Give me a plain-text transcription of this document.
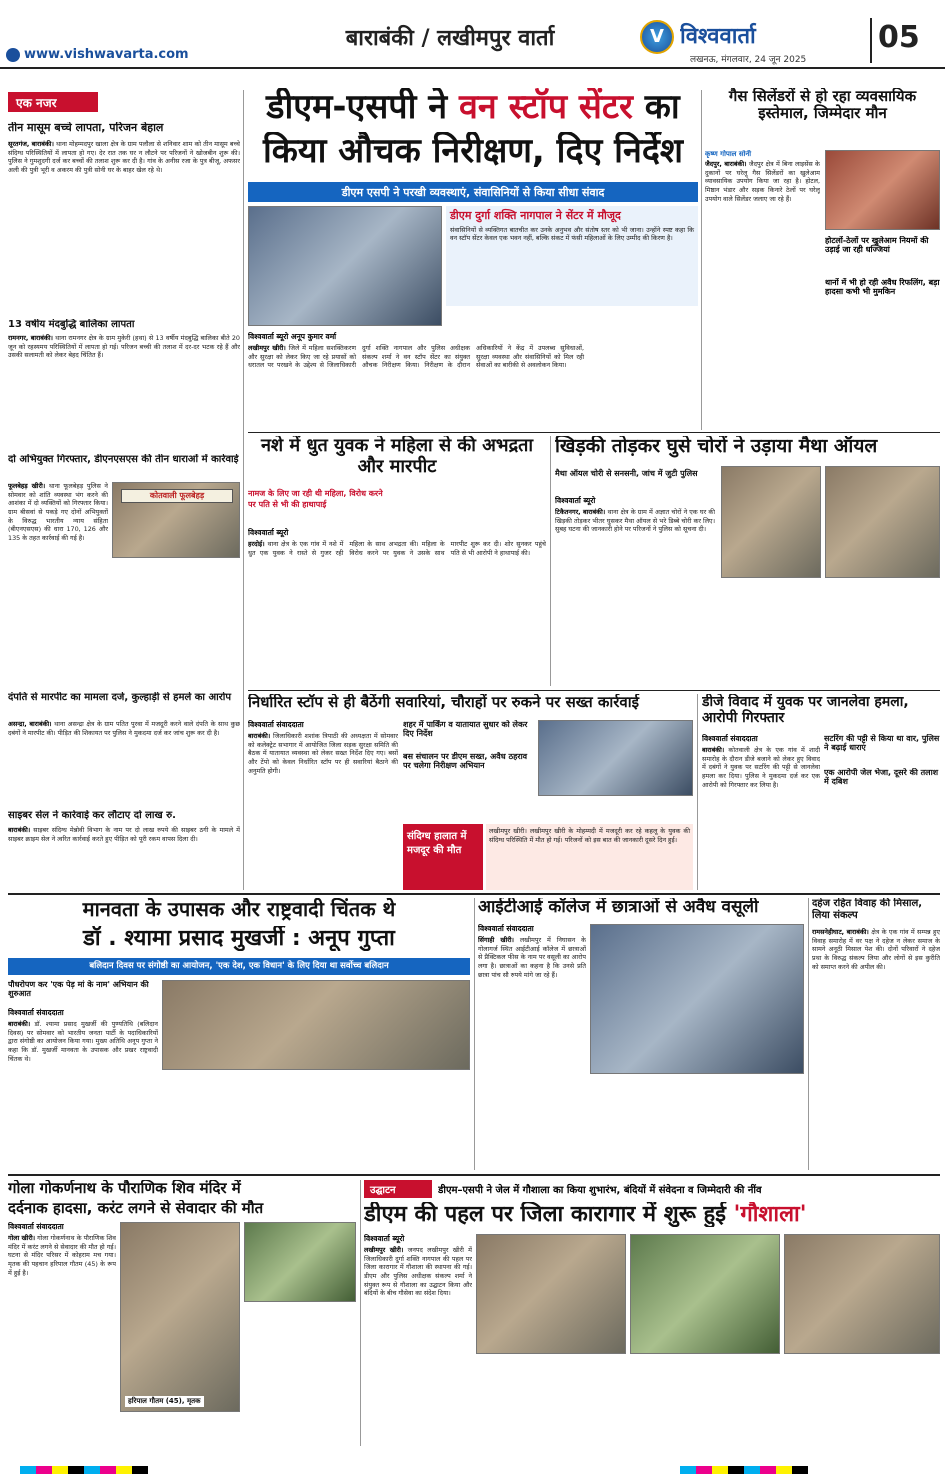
www.vishwavarta.com
बाराबंकी / लखीमपुर वार्ता	V विश्ववार्ता
लखनऊ, मंगलवार, 24 जून 2025
05
एक नजर
तीन मासूम बच्चे लापता, परिजन बेहाल
सूरतगंज, बाराबंकी। थाना मोहम्मदपुर खाला क्षेत्र के ग्राम पलौला से शनिवार शाम को तीन मासूम बच्चे संदिग्ध परिस्थितियों में लापता हो गए। देर रात तक घर न लौटने पर परिजनों ने खोजबीन शुरू की। पुलिस ने गुमशुदगी दर्ज कर बच्चों की तलाश शुरू कर दी है। गांव के अनीस रजा के पुत्र बीजू, अफसर अली की पुत्री भूरी व अकरम की पुत्री सोनी घर के बाहर खेल रहे थे।
13 वर्षीय मंदबुद्धि बालिका लापता
रामनगर, बाराबंकी। थाना रामनगर क्षेत्र के ग्राम मुकेरी (हथा) से 13 वर्षीय मंदबुद्धि बालिका बीते 20 जून को रहस्यमय परिस्थितियों में लापता हो गई। परिजन बच्ची की तलाश में दर-दर भटक रहे हैं और उसकी सलामती को लेकर बेहद चिंतित हैं।
दो अभियुक्त गिरफ्तार, डीएनएसएस की तीन धाराओं में कार्रवाई
फूलबेहड़ खीरी। थाना फूलबेहड़ पुलिस ने सोमवार को शांति व्यवस्था भंग करने की आशंका में दो व्यक्तियों को गिरफ्तार किया। ग्राम बीसवां से पकड़े गए दोनों अभियुक्तों के विरुद्ध भारतीय न्याय संहिता (बीएनएसएस) की धारा 170, 126 और 135 के तहत कार्रवाई की गई है।
कोतवाली फूलबेहड़
दंपति से मारपीट का मामला दर्ज, कुल्हाड़ी से हमले का आरोप
असन्द्रा, बाराबंकी। थाना असन्द्रा क्षेत्र के ग्राम पतित पुरवा में मजदूरी करने वाले दंपति के साथ कुछ दबंगों ने मारपीट की। पीड़ित की शिकायत पर पुलिस ने मुकदमा दर्ज कर जांच शुरू कर दी है।
साइबर सेल ने कार्रवाई कर लौटाए दो लाख रु.
बाराबंकी। साइबर संदिग्ध मेन्नोवी विभाग के नाम पर दो लाख रुपये की साइबर ठगी के मामले में साइबर क्राइम सेल ने त्वरित कार्रवाई करते हुए पीड़ित को पूरी रकम वापस दिला दी।
डीएम-एसपी ने वन स्टॉप सेंटर का
किया औचक निरीक्षण, दिए निर्देश
डीएम एसपी ने परखी व्यवस्थाएं, संवासिनियों से किया सीधा संवाद
डीएम दुर्गा शक्ति नागपाल ने सेंटर में मौजूद
संवासिनियों से व्यक्तिगत बातचीत कर उनके अनुभव और संतोष स्तर को भी जाना। उन्होंने स्पष्ट कहा कि वन स्टॉप सेंटर केवल एक भवन नहीं, बल्कि संकट में फंसी महिलाओं के लिए उम्मीद की किरण है।
विश्ववार्ता ब्यूरो अनूप कुमार वर्मा
लखीमपुर खीरी। जिले में महिला सशक्तिकरण और सुरक्षा को लेकर किए जा रहे प्रयासों को धरातल पर परखने के उद्देश्य से जिलाधिकारी दुर्गा शक्ति नागपाल और पुलिस अधीक्षक संकल्प शर्मा ने वन स्टॉप सेंटर का संयुक्त औचक निरीक्षण किया। निरीक्षण के दौरान अधिकारियों ने केंद्र में उपलब्ध सुविधाओं, सुरक्षा व्यवस्था और संवासिनियों को मिल रही सेवाओं का बारीकी से अवलोकन किया।
गैस सिलेंडरों से हो रहा व्यवसायिक इस्तेमाल, जिम्मेदार मौन
कृष्ण गोपाल सोनी
जैदपुर, बाराबंकी। जैदपुर क्षेत्र में बिना लाइसेंस के दुकानों पर घरेलू गैस सिलेंडरों का खुलेआम व्यावसायिक उपयोग किया जा रहा है। होटल, मिष्ठान भंडार और सड़क किनारे ठेलों पर घरेलू उपयोग वाले सिलेंडर जलाए जा रहे हैं।
होटलों-ठेलों पर खुलेआम नियमों की उड़ाई जा रही धज्जियां
थानों में भी हो रही अवैध रिफलिंग, बड़ा हादसा कभी भी मुमकिन
नशे में धुत युवक ने महिला से की अभद्रता और मारपीट
नामज के लिए जा रही थी महिला, विरोध करने पर पति से भी की हाथापाई
विश्ववार्ता ब्यूरो
हरदोई। थाना क्षेत्र के एक गांव में नशे में धुत एक युवक ने रास्ते से गुजर रही महिला के साथ अभद्रता की। महिला के विरोध करने पर युवक ने उसके साथ मारपीट शुरू कर दी। शोर सुनकर पहुंचे पति से भी आरोपी ने हाथापाई की।
खिड़की तोड़कर घुसे चोरों ने उड़ाया मैथा ऑयल
मैथा ऑयल चोरी से सनसनी, जांच में जुटी पुलिस
विश्ववार्ता ब्यूरो
टिकैतनगर, बाराबंकी। थाना क्षेत्र के ग्राम में अज्ञात चोरों ने एक घर की खिड़की तोड़कर भीतर घुसकर मैथा ऑयल से भरे डिब्बे चोरी कर लिए। सुबह घटना की जानकारी होने पर परिजनों ने पुलिस को सूचना दी।
निर्धारित स्टॉप से ही बैठेंगी सवारियां, चौराहों पर रुकने पर सख्त कार्रवाई
विश्ववार्ता संवाददाता
बाराबंकी। जिलाधिकारी शशांक त्रिपाठी की अध्यक्षता में सोमवार को कलेक्ट्रेट सभागार में आयोजित जिला सड़क सुरक्षा समिति की बैठक में यातायात व्यवस्था को लेकर सख्त निर्देश दिए गए। बसों और टेंपो को केवल निर्धारित स्टॉप पर ही सवारियां बैठाने की अनुमति होगी।
शहर में पार्किंग व यातायात सुधार को लेकर दिए निर्देश
बस संचालन पर डीएम सख्त, अवैध ठहराव पर चलेगा निरीक्षण अभियान
संदिग्ध हालात में मजदूर की मौत
लखीमपुर खीरी। लखीमपुर खीरी के मोहम्मदी में मजदूरी कर रहे कहलू के युवक की संदिग्ध परिस्थिति में मौत हो गई। परिजनों को इस बात की जानकारी दूसरे दिन हुई।
डीजे विवाद में युवक पर जानलेवा हमला, आरोपी गिरफ्तार
विश्ववार्ता संवाददाता
बाराबंकी। कोतवाली क्षेत्र के एक गांव में शादी समारोह के दौरान डीजे बजाने को लेकर हुए विवाद में दबंगों ने युवक पर सटरिंग की पट्टी से जानलेवा हमला कर दिया। पुलिस ने मुकदमा दर्ज कर एक आरोपी को गिरफ्तार कर लिया है।
सटरिंग की पट्टी से किया था वार, पुलिस ने बढ़ाई धाराएं
एक आरोपी जेल भेजा, दूसरे की तलाश में दबिश
मानवता के उपासक और राष्ट्रवादी चिंतक थे
डॉ . श्यामा प्रसाद मुखर्जी : अनूप गुप्ता
बलिदान दिवस पर संगोष्ठी का आयोजन, 'एक देश, एक विधान' के लिए दिया था सर्वोच्च बलिदान
पौधरोपण कर 'एक पेड़ मां के नाम' अभियान की शुरुआत
विश्ववार्ता संवाददाता
बाराबंकी। डॉ. श्यामा प्रसाद मुखर्जी की पुण्यतिथि (बलिदान दिवस) पर सोमवार को भारतीय जनता पार्टी के पदाधिकारियों द्वारा संगोष्ठी का आयोजन किया गया। मुख्य अतिथि अनूप गुप्ता ने कहा कि डॉ. मुखर्जी मानवता के उपासक और प्रखर राष्ट्रवादी चिंतक थे।
आईटीआई कॉलेज में छात्राओं से अवैध वसूली
विश्ववार्ता संवाददाता
सिंगाही खीरी। लखीमपुर में निघासन के गोलागर्ज स्थित आईटीआई कॉलेज में छात्राओं से प्रैक्टिकल फीस के नाम पर वसूली का आरोप लगा है। छात्राओं का कहना है कि उनसे प्रति छात्रा पांच सौ रुपये मांगे जा रहे हैं।
दहेज रहित विवाह की मिसाल, लिया संकल्प
रामसनेहीघाट, बाराबंकी। क्षेत्र के एक गांव में सम्पन्न हुए विवाह समारोह में वर पक्ष ने दहेज न लेकर समाज के सामने अनूठी मिसाल पेश की। दोनों परिवारों ने दहेज प्रथा के विरुद्ध संकल्प लिया और लोगों से इस कुरीति को समाप्त करने की अपील की।
गोला गोकर्णनाथ के पौराणिक शिव मंदिर में
दर्दनाक हादसा, करंट लगने से सेवादार की मौत
विश्ववार्ता संवाददाता
गोला खीरी। गोला गोकर्णनाथ के पौराणिक शिव मंदिर में करंट लगने से सेवादार की मौत हो गई। घटना से मंदिर परिसर में कोहराम मच गया। मृतक की पहचान हरिपाल गौतम (45) के रूप में हुई है।
हरिपाल गौतम (45), मृतक
उद्घाटन	डीएम–एसपी ने जेल में गौशाला का किया शुभारंभ, बंदियों में संवेदना व जिम्मेदारी की नींव
डीएम की पहल पर जिला कारागार में शुरू हुई 'गौशाला'
विश्ववार्ता ब्यूरो
लखीमपुर खीरी। जनपद लखीमपुर खीरी में जिलाधिकारी दुर्गा शक्ति नागपाल की पहल पर जिला कारागार में गौशाला की स्थापना की गई। डीएम और पुलिस अधीक्षक संकल्प शर्मा ने संयुक्त रूप से गौशाला का उद्घाटन किया और बंदियों के बीच गौसेवा का संदेश दिया।
